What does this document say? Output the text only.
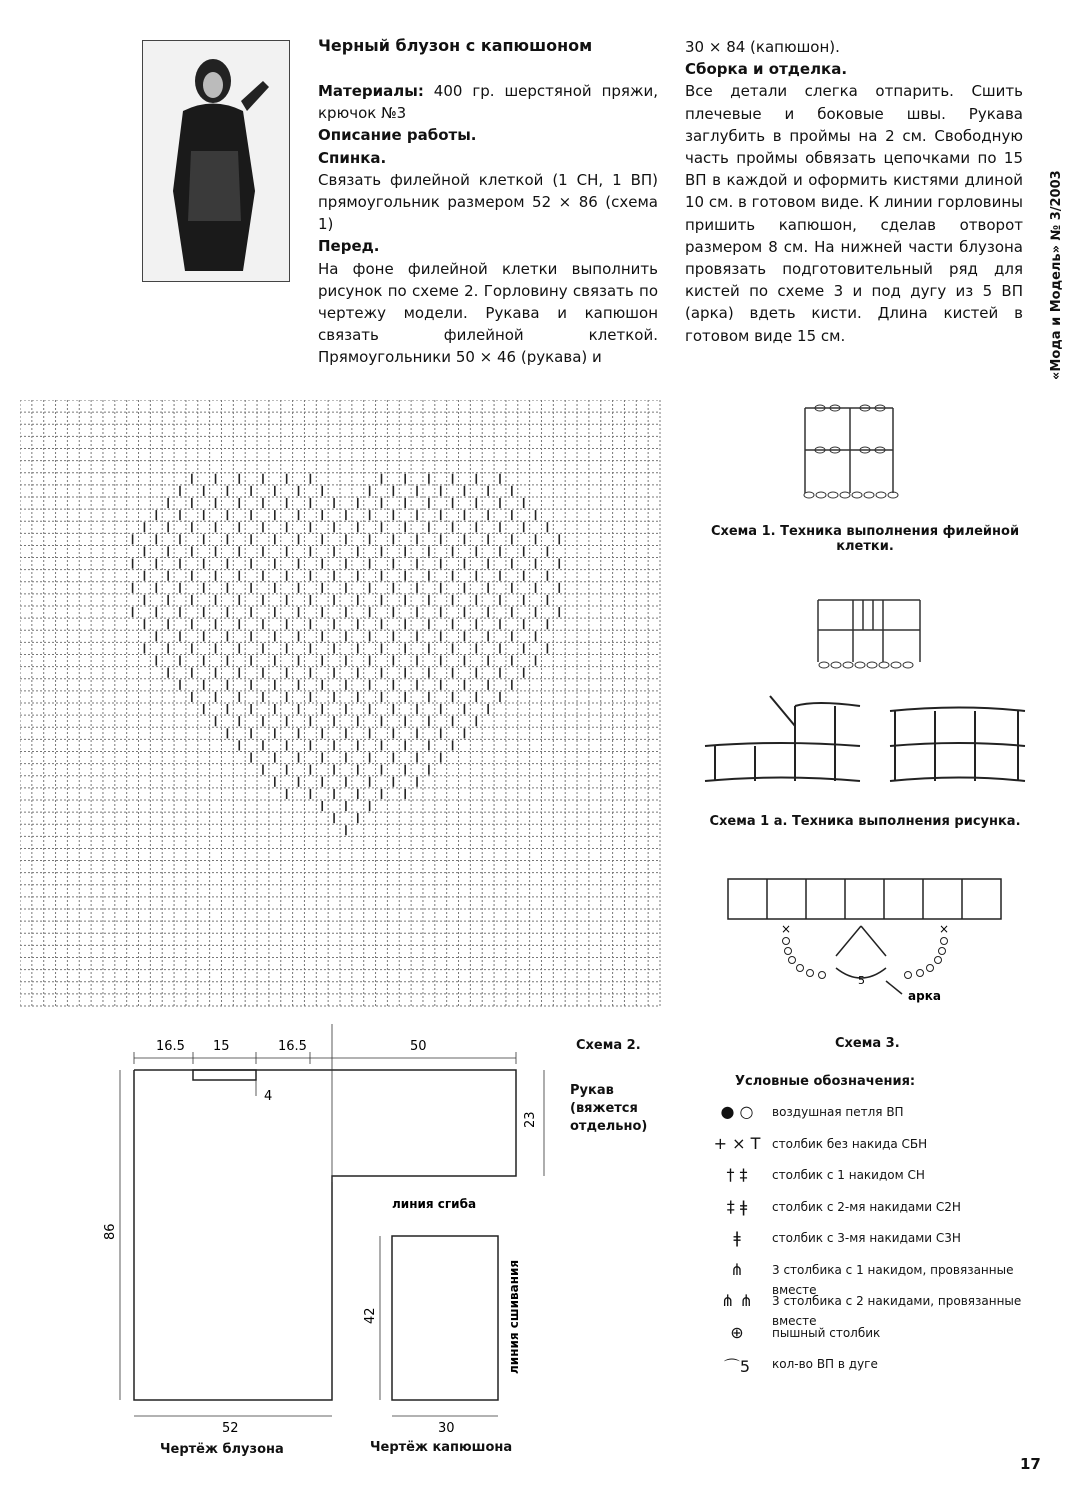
Черный блузон с капюшоном
Материалы: 400 гр. шерстяной пряжи, крючок №3
Описание работы.
Спинка.
Связать филейной клеткой (1 СН, 1 ВП) прямоугольник размером 52 × 86 (схема 1)
Перед.
На фоне филейной клетки выполнить рисунок по схеме 2. Горловину связать по чертежу модели. Рукава и капюшон связать филейной клеткой. Прямоугольники 50 × 46 (рукава) и
30 × 84 (капюшон).
Сборка и отделка.
Все детали слегка отпарить. Сшить плечевые и боковые швы. Рукава заглубить в проймы на 2 см. Свободную часть проймы обвязать цепочками по 15 ВП в каждой и оформить кистями длиной 10 см. в готовом виде. К линии горловины пришить капюшон, сделав отворот размером 8 см. На нижней части блузона провязать подготовительный ряд для кистей по схеме 3 и под дугу из 5 ВП (арка) вдеть кисти. Длина кистей в готовом виде 15 см.	«Мода и Модель» № 3/2003
Схема 2.
Схема 1. Техника выполнения филейной клетки.
Схема 1 а. Техника выполнения рисунка.
×	×
5
арка
Схема 3.
Условные обозначения:
● ○	воздушная петля ВП
+ × T столбик без накида СБН
† ‡	столбик с 1 накидом СН
‡ ǂ	столбик с 2-мя накидами С2Н
ǂ	столбик с 3-мя накидами С3Н
⋔	3 столбика с 1 накидом, провязанные вместе
⋔ ⋔	3 столбика с 2 накидами, провязанные вместе
⊕	пышный столбик
⌒5	кол-во ВП в дуге
16.5 15	16.5	50
4
23
86
52
42
30
линия сгиба
линия сшивания
Рукав (вяжется отдельно)
Чертёж блузона	Чертёж капюшона
17
